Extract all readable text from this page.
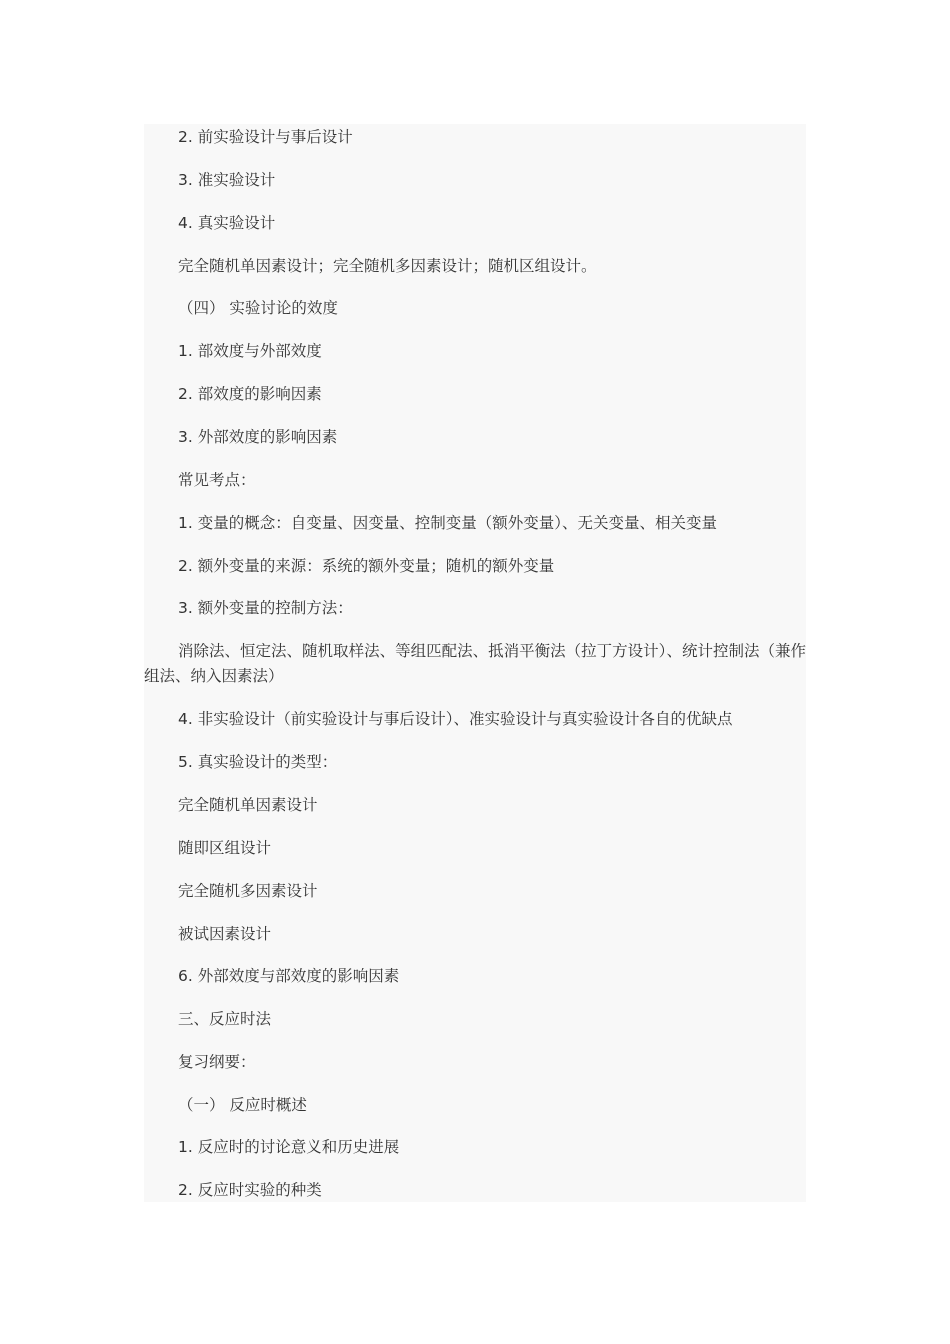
2. 前实验设计与事后设计

3. 准实验设计

4. 真实验设计

完全随机单因素设计；完全随机多因素设计；随机区组设计。

（四） 实验讨论的效度

1. 部效度与外部效度

2. 部效度的影响因素

3. 外部效度的影响因素

常见考点：

1. 变量的概念：自变量、因变量、控制变量（额外变量）、无关变量、相关变量

2. 额外变量的来源：系统的额外变量；随机的额外变量

3. 额外变量的控制方法：

消除法、恒定法、随机取样法、等组匹配法、抵消平衡法（拉丁方设计）、统计控制法（兼作组法、纳入因素法）

4. 非实验设计（前实验设计与事后设计）、准实验设计与真实验设计各自的优缺点

5. 真实验设计的类型：

完全随机单因素设计

随即区组设计

完全随机多因素设计

被试因素设计

6. 外部效度与部效度的影响因素

三、反应时法

复习纲要：

（一） 反应时概述

1. 反应时的讨论意义和历史进展

2. 反应时实验的种类
